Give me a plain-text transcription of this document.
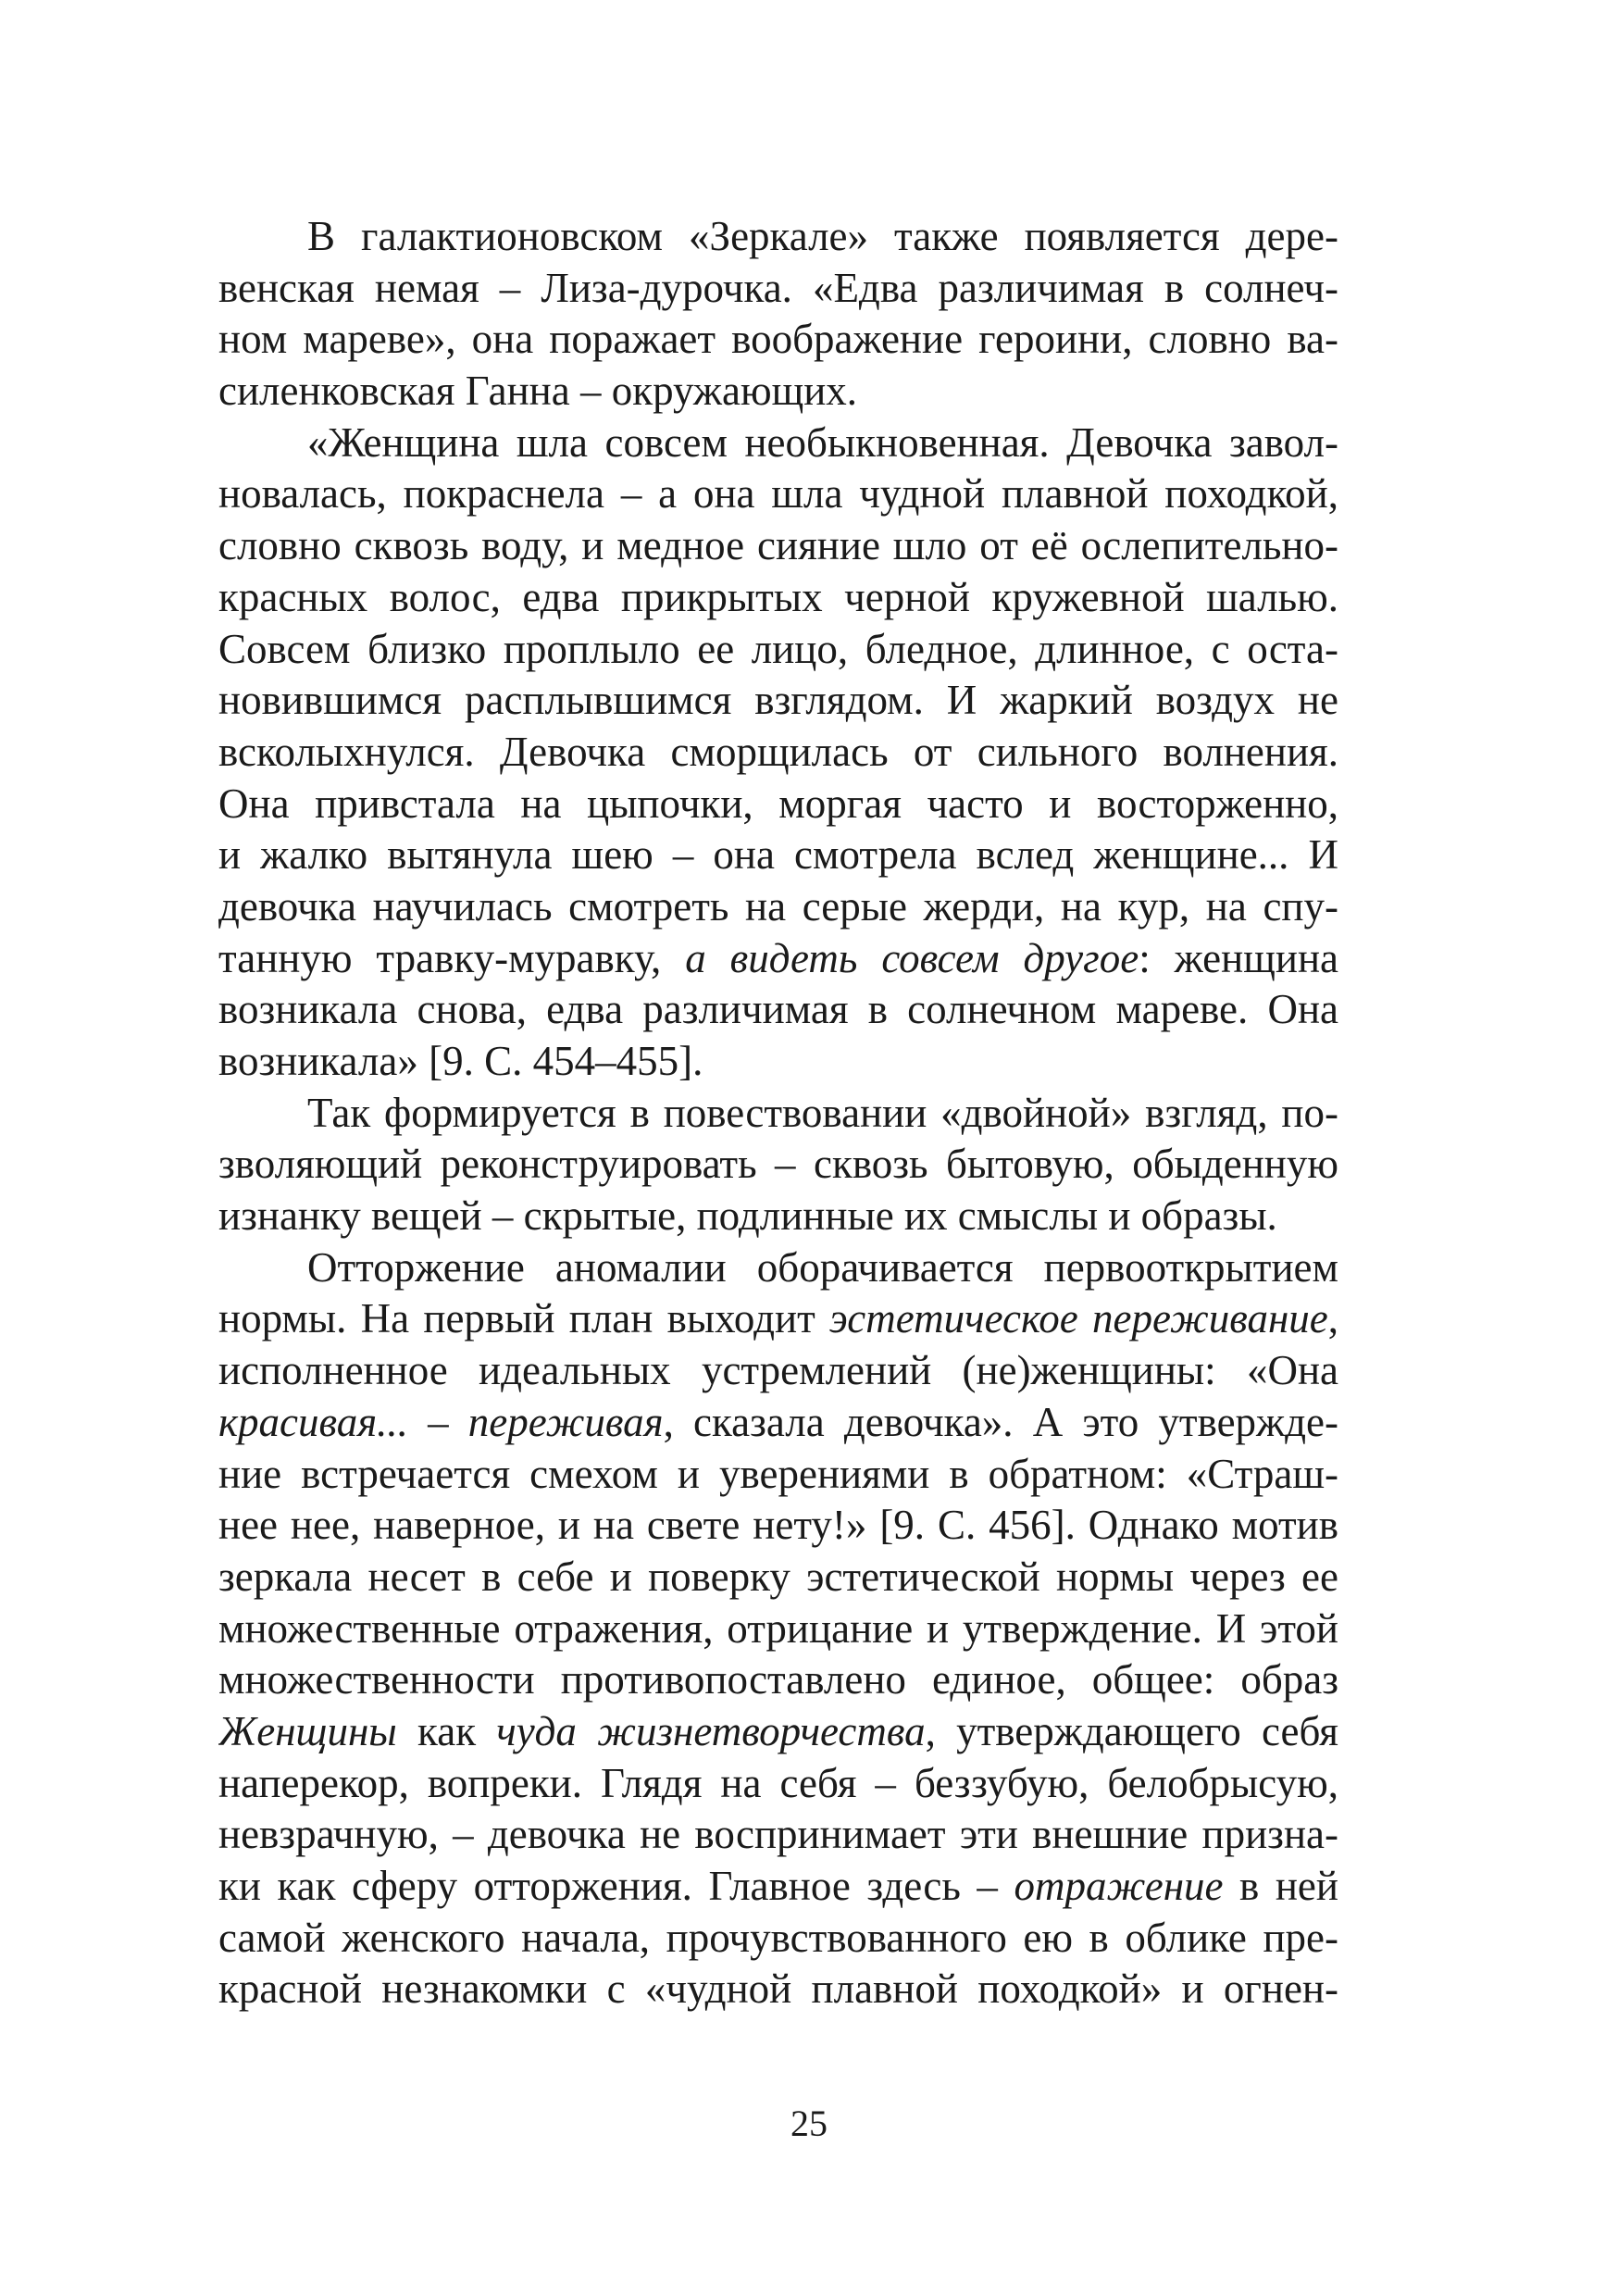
В галактионовском «Зеркале» также появляется дере-
венская немая – Лиза-дурочка. «Едва различимая в солнеч-
ном мареве», она поражает воображение героини, словно ва-
силенковская Ганна – окружающих.
«Женщина шла совсем необыкновенная. Девочка завол-
новалась, покраснела – а она шла чудной плавной походкой,
словно сквозь воду, и медное сияние шло от её ослепительно-
красных волос, едва прикрытых черной кружевной шалью.
Совсем близко проплыло ее лицо, бледное, длинное, с оста-
новившимся расплывшимся взглядом. И жаркий воздух не
всколыхнулся. Девочка сморщилась от сильного волнения.
Она привстала на цыпочки, моргая часто и восторженно,
и жалко вытянула шею – она смотрела вслед женщине... И
девочка научилась смотреть на серые жерди, на кур, на спу-
танную травку-муравку, а видеть совсем другое: женщина
возникала снова, едва различимая в солнечном мареве. Она
возникала» [9. С. 454–455].
Так формируется в повествовании «двойной» взгляд, по-
зволяющий реконструировать – сквозь бытовую, обыденную
изнанку вещей – скрытые, подлинные их смыслы и образы.
Отторжение аномалии оборачивается первооткрытием
нормы. На первый план выходит эстетическое переживание,
исполненное идеальных устремлений (не)женщины: «Она
красивая... – переживая, сказала девочка». А это утвержде-
ние встречается смехом и уверениями в обратном: «Страш-
нее нее, наверное, и на свете нету!» [9. С. 456]. Однако мотив
зеркала несет в себе и поверку эстетической нормы через ее
множественные отражения, отрицание и утверждение. И этой
множественности противопоставлено единое, общее: образ
Женщины как чуда жизнетворчества, утверждающего себя
наперекор, вопреки. Глядя на себя – беззубую, белобрысую,
невзрачную, – девочка не воспринимает эти внешние призна-
ки как сферу отторжения. Главное здесь – отражение в ней
самой женского начала, прочувствованного ею в облике пре-
красной незнакомки с «чудной плавной походкой» и огнен-
25
